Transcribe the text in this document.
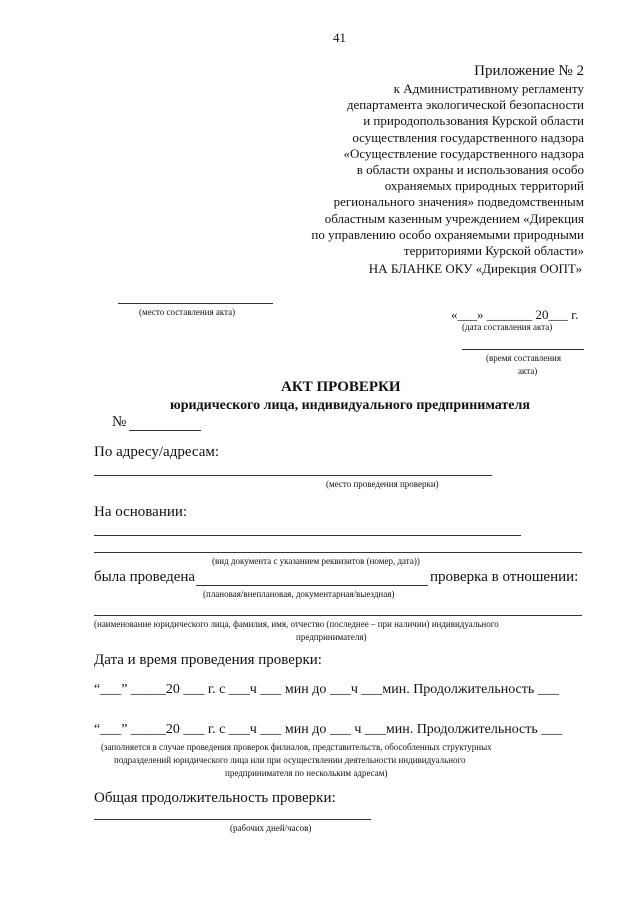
41
Приложение № 2
к Административному регламенту
департамента экологической безопасности
и природопользования Курской области
осуществления государственного надзора
«Осуществление государственного надзора
в области охраны и использования особо
охраняемых природных территорий
регионального значения» подведомственным
областным казенным учреждением «Дирекция
по управлению особо охраняемыми природными
территориями Курской области»
НА БЛАНКЕ ОКУ «Дирекция ООПТ»
(место составления акта)	«___» _______ 20___ г.
(дата составления акта)
(время составления
акта)
АКТ ПРОВЕРКИ
юридического лица, индивидуального предпринимателя
№
По адресу/адресам:
(место проведения проверки)
На основании:
(вид документа с указанием реквизитов (номер, дата))
была проведена	проверка в отношении:
(плановая/внеплановая, документарная/выездная)
(наименование юридического лица, фамилия, имя, отчество (последнее – при наличии) индивидуального
предпринимателя)
Дата и время проведения проверки:
“___” _____20 ___ г. с ___ч ___ мин до ___ч ___мин. Продолжительность ___
“___” _____20 ___ г. с ___ч ___ мин до ___ ч ___мин. Продолжительность ___
(заполняется в случае проведения проверок филиалов, представительств, обособленных структурных
подразделений юридического лица или при осуществлении деятельности индивидуального
предпринимателя по нескольким адресам)
Общая продолжительность проверки:
(рабочих дней/часов)
